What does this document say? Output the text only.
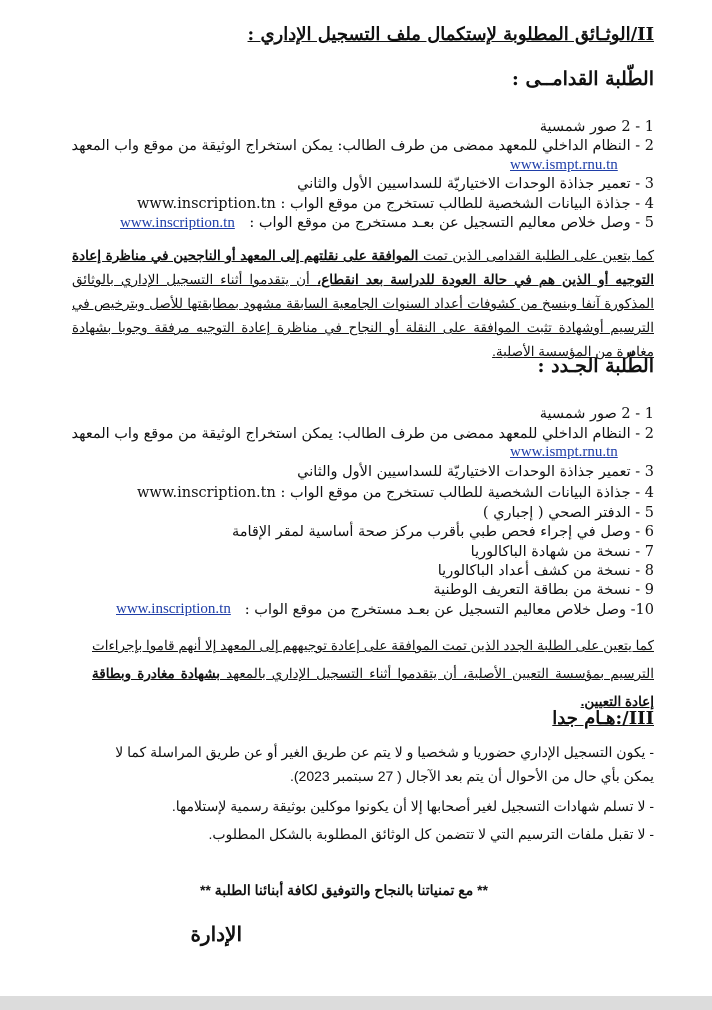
II/الوثـائق المطلوبة لإستكمال ملف التسجيل الإداري :
الطّلبة القدامــى :
1 - 2 صور شمسية
2 - النظام الداخلي للمعهد ممضى من طرف الطالب: يمكن استخراج الوثيقة من موقع واب المعهد
www.ismpt.rnu.tn
3 - تعمير جذاذة الوحدات الاختياريّة للسداسيين الأول والثاني
4 - جذاذة البيانات الشخصية للطالب تستخرج من موقع الواب : www.inscription.tn
5 - وصل خلاص معاليم التسجيل عن بعـد مستخرج من موقع الواب :
www.inscription.tn
كما يتعين على الطلبة القدامى الذين تمت الموافقة على نقلتهم إلى المعهد أو الناجحين في مناظرة إعادة التوجيه أو الذين هم في حالة العودة للدراسة بعد انقطاع، أن يتقدموا أثناء التسجيل الإداري بالوثائق المذكورة آنفا وبنسخ من كشوفات أعداد السنوات الجامعية السابقة مشهود بمطابقتها للأصل وبترخيص في الترسيم أوشهادة تثبت الموافقة على النقلة أو النجاح في مناظرة إعادة التوجيه مرفقة وجوبا بشهادة مغادرة من المؤسسة الأصلية.
الطّلبة الجـدد :
1 - 2 صور شمسية
2 - النظام الداخلي للمعهد ممضى من طرف الطالب: يمكن استخراج الوثيقة من موقع واب المعهد
www.ismpt.rnu.tn
3 - تعمير جذاذة الوحدات الاختياريّة للسداسيين الأول والثاني
4 - جذاذة البيانات الشخصية للطالب تستخرج من موقع الواب : www.inscription.tn
5 - الدفتر الصحي ( إجباري )
6 - وصل في إجراء فحص طبي بأقرب مركز صحة أساسية لمقر الإقامة
7 - نسخة من شهادة الباكالوريا
8 - نسخة من كشف أعداد الباكالوريا
9 - نسخة من بطاقة التعريف الوطنية
10- وصل خلاص معاليم التسجيل عن بعـد مستخرج من موقع الواب :
www.inscription.tn
كما يتعين على الطلبة الجدد الذين تمت الموافقة على إعادة توجيههم إلى المعهد إلا أنهم قاموا بإجراءات الترسيم بمؤسسة التعيين الأصلية، أن يتقدموا أثناء التسجيل الإداري بالمعهد بشهادة مغادرة وبطاقة إعادة التعيين.
III/:هـام جدا
- يكون التسجيل الإداري حضوريا و شخصيا و لا يتم عن طريق الغير أو عن طريق المراسلة كما لا يمكن بأي حال من الأحوال أن يتم بعد الآجال ( 27 سبتمبر 2023).
- لا تسلم شهادات التسجيل لغير أصحابها إلا أن يكونوا موكلين بوثيقة رسمية لإستلامها.
- لا تقبل ملفات الترسيم التي لا تتضمن كل الوثائق المطلوبة بالشكل المطلوب.
** مع تمنياتنا بالنجاح والتوفيق لكافة أبنائنا الطلبة **
الإدارة
